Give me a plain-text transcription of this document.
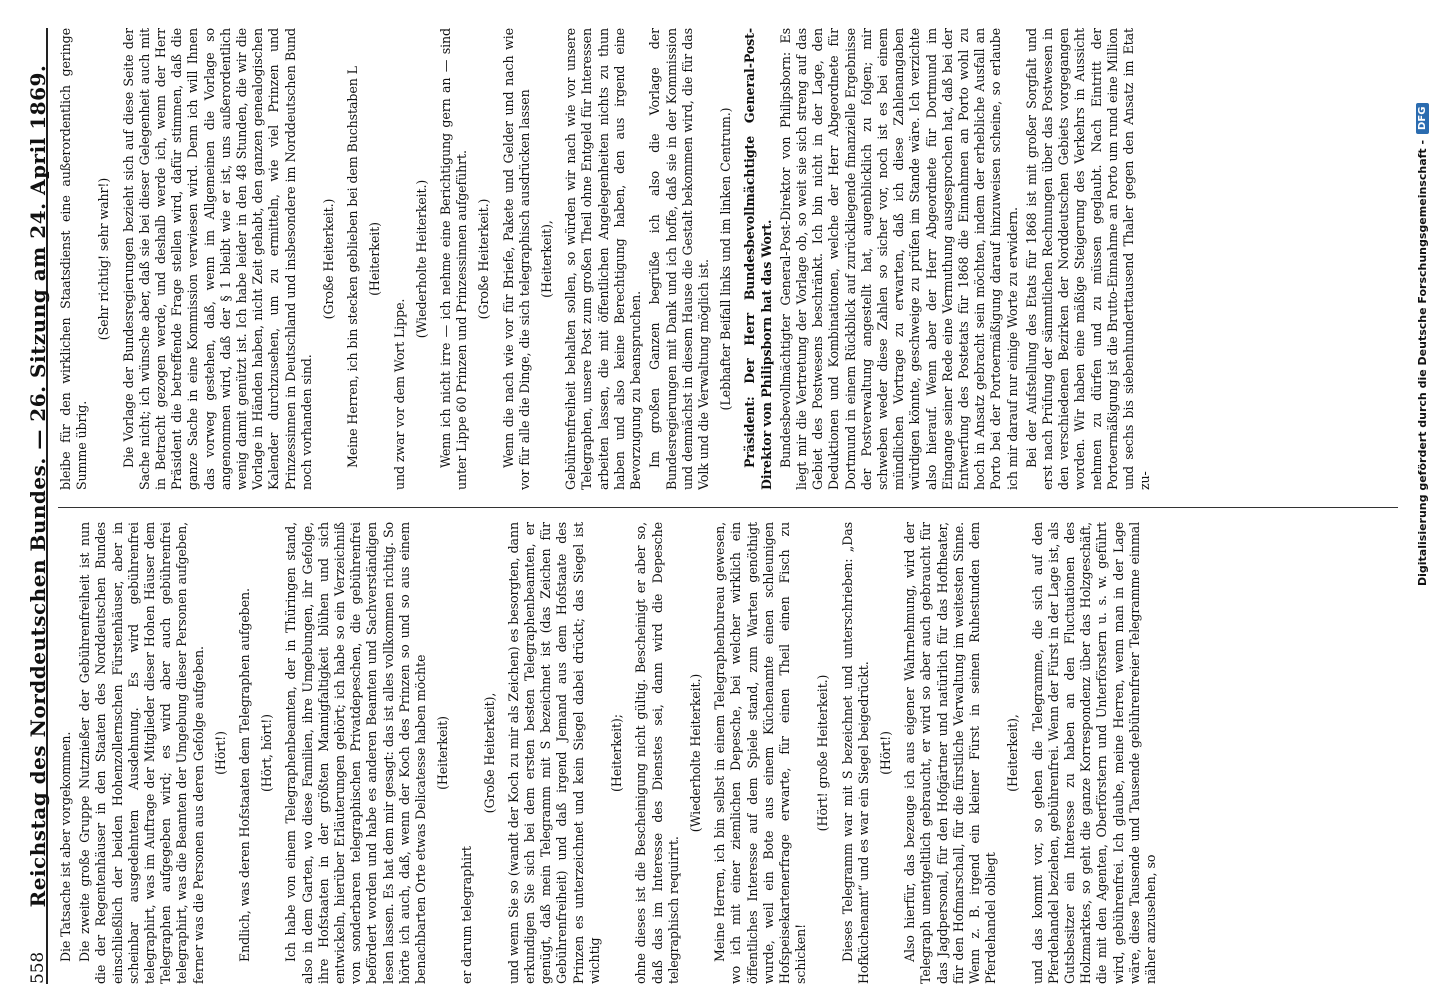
558
Reichstag des Norddeutschen Bundes. — 26. Sitzung am 24. April 1869. Die Tatsache ist aber vorgekommen. Die zweite große Gruppe Nutznießer der Gebührenfreiheit ist nun die der Regentenhäuser in den Staaten des Norddeutschen Bundes einschließlich der beiden Hohenzollernschen Fürstenhäuser, aber in scheinbar ausgedehntem Ausdehnung. Es wird gebührenfrei telegraphirt, was im Auftrage der Mitglieder dieser Hohen Häuser dem Telegraphen aufgegeben wird; es wird aber auch gebührenfrei telegraphirt, was die Beamten der Umgebung dieser Personen aufgeben, ferner was die Personen aus deren Gefolge aufgeben. (Hört!) Endlich, was deren Hofstaaten dem Telegraphen aufgeben. (Hört, hört!) Ich habe von einem Telegraphenbeamten, der in Thüringen stand, also in dem Garten, wo diese Familien, ihre Umgebungen, ihr Gefolge, ihre Hofstaaten in der größten Mannigfaltigkeit blühen und sich entwickeln, hierüber Erläuterungen gehört; ich habe so ein Verzeichniß von sonderbaren telegraphischen Privatdepeschen, die gebührenfrei befördert worden und habe es anderen Beamten und Sachverständigen lesen lassen. Es hat dem mir gesagt: das ist alles vollkommen richtig. So hörte ich auch, daß, wenn der Koch des Prinzen so und so aus einem benachbarten Orte etwas Delicatesse haben möchte (Heiterkeit)

er darum telegraphirt

(Große Heiterkeit), und wenn Sie so (wandt der Koch zu mir als Zeichen) es besorgten, dann erkundigen Sie sich bei dem ersten besten Telegraphenbeamten, er genügt, daß mein Telegramm mit S bezeichnet ist (das Zeichen für Gebührenfreiheit) und daß irgend Jemand aus dem Hofstaate des Prinzen es unterzeichnet und kein Siegel dabei drückt; das Siegel ist wichtig

(Heiterkeit); ohne dieses ist die Bescheinigung nicht gültig. Bescheinigt er aber so, daß das im Interesse des Dienstes sei, dann wird die Depesche telegraphisch requirirt.

(Wiederholte Heiterkeit.) Meine Herren, ich bin selbst in einem Telegraphenbureau gewesen, wo ich mit einer ziemlichen Depesche, bei welcher wirklich ein öffentliches Interesse auf dem Spiele stand, zum Warten genöthigt wurde, weil ein Bote aus einem Küchenamte einen schleunigen Hofspeisekartenerfrage erwarte, für einen Theil einen Fisch zu schicken!

(Hört! große Heiterkeit.) Dieses Telegramm war mit S bezeichnet und unterschrieben: „Das Hofküchenamt“ und es war ein Siegel beigedrückt. (Hört!) Also hierfür, das bezeuge ich aus eigener Wahrnehmung, wird der Telegraph unentgeltlich gebraucht, er wird so aber auch gebraucht für das Jagdpersonal, für den Hofgärtner und natürlich für das Hoftheater, für den Hofmarschall, für die fürstliche Verwaltung im weitesten Sinne. Wenn z. B. irgend ein kleiner Fürst in seinen Ruhestunden dem Pferdehandel obliegt

(Heiterkeit), und das kommt vor, so gehen die Telegramme, die sich auf den Pferdehandel beziehen, gebührenfrei. Wenn der Fürst in der Lage ist, als Gutsbesitzer ein Interesse zu haben an den Fluctuationen des Holzmarktes, so geht die ganze Korrespondenz über das Holzgeschäft, die mit den Agenten, Oberförstern und Unterförstern u. s. w. geführt wird, gebührenfrei. Ich glaube, meine Herren, wenn man in der Lage wäre, diese Tausende und Tausende gebührenfreier Telegramme einmal näher anzusehen, so

bleibe für den wirklichen Staatsdienst eine außerordentlich geringe Summe übrig.

(Sehr richtig! sehr wahr!) Die Vorlage der Bundesregierungen bezieht sich auf diese Seite der Sache nicht; ich wünsche aber, daß sie bei dieser Gelegenheit auch mit in Betracht gezogen werde, und deshalb werde ich, wenn der Herr Präsident die betreffende Frage stellen wird, dafür stimmen, daß die ganze Sache in eine Kommission verwiesen wird. Denn ich will Ihnen das vorweg gestehen, daß, wenn im Allgemeinen die Vorlage so angenommen wird, daß der § 1 bleibt wie er ist, uns außerordentlich wenig damit genützt ist. Ich habe leider in den 48 Stunden, die wir die Vorlage in Händen haben, nicht Zeit gehabt, den ganzen genealogischen Kalender durchzusehen, um zu ermitteln, wie viel Prinzen und Prinzessinnen in Deutschland und insbesondere im Norddeutschen Bund noch vorhanden sind.

(Große Heiterkeit.) Meine Herren, ich bin stecken geblieben bei dem Buchstaben L (Heiterkeit)

und zwar vor dem Wort Lippe.

(Wiederholte Heiterkeit.) Wenn ich nicht irre — ich nehme eine Berichtigung gern an — sind unter Lippe 60 Prinzen und Prinzessinnen aufgeführt. (Große Heiterkeit.) Wenn die nach wie vor für Briefe, Pakete und Gelder und nach wie vor für alle die Dinge, die sich telegraphisch ausdrücken lassen (Heiterkeit), Gebührenfreiheit behalten sollen, so würden wir nach wie vor unsere Telegraphen, unsere Post zum großen Theil ohne Entgeld für Interessen arbeiten lassen, die mit öffentlichen Angelegenheiten nichts zu thun haben und also keine Berechtigung haben, den aus irgend eine Bevorzugung zu beanspruchen. Im großen Ganzen begrüße ich also die Vorlage der Bundesregierungen mit Dank und ich hoffe, daß sie in der Kommission und demnächst in diesem Hause die Gestalt bekommen wird, die für das Volk und die Verwaltung möglich ist. (Lebhafter Beifall links und im linken Centrum.) Präsident: Der Herr Bundesbevollmächtigte General-Post-Direktor von Philipsborn hat das Wort. Bundesbevollmächtigter General-Post-Direktor von Philipsborn: Es liegt mir die Vertretung der Vorlage ob, so weit sie sich streng auf das Gebiet des Postwesens beschränkt. Ich bin nicht in der Lage, den Deduktionen und Kombinationen, welche der Herr Abgeordnete für Dortmund in einem Rückblick auf zurückliegende finanzielle Ergebnisse der Postverwaltung angestellt hat, augenblicklich zu folgen; mir schweben weder diese Zahlen so sicher vor, noch ist es bei einem mündlichen Vortrage zu erwarten, daß ich diese Zahlenangaben würdigen könnte, geschweige zu prüfen im Stande wäre. Ich verzichte also hierauf. Wenn aber der Herr Abgeordnete für Dortmund im Eingange seiner Rede eine Vermuthung ausgesprochen hat, daß bei der Entwerfung des Postetats für 1868 die Einnahmen an Porto wohl zu hoch in Ansatz gebracht sein möchten, indem der erhebliche Ausfall an Porto bei der Portoermäßigung darauf hinzuweisen scheine, so erlaube ich mir darauf nur einige Worte zu erwidern. Bei der Aufstellung des Etats für 1868 ist mit großer Sorgfalt und erst nach Prüfung der sämmtlichen Rechnungen über das Postwesen in den verschiedenen Bezirken der Norddeutschen Gebiets vorgegangen worden. Wir haben eine mäßige Steigerung des Verkehrs in Aussicht nehmen zu dürfen und zu müssen geglaubt. Nach Eintritt der Portoermäßigung ist die Brutto-Einnahme an Porto um rund eine Million und sechs bis siebenhunderttausend Thaler gegen den Ansatz im Etat zu-	Digitalisierung gefördert durch die Deutsche Forschungsgemeinschaft -
DFG
